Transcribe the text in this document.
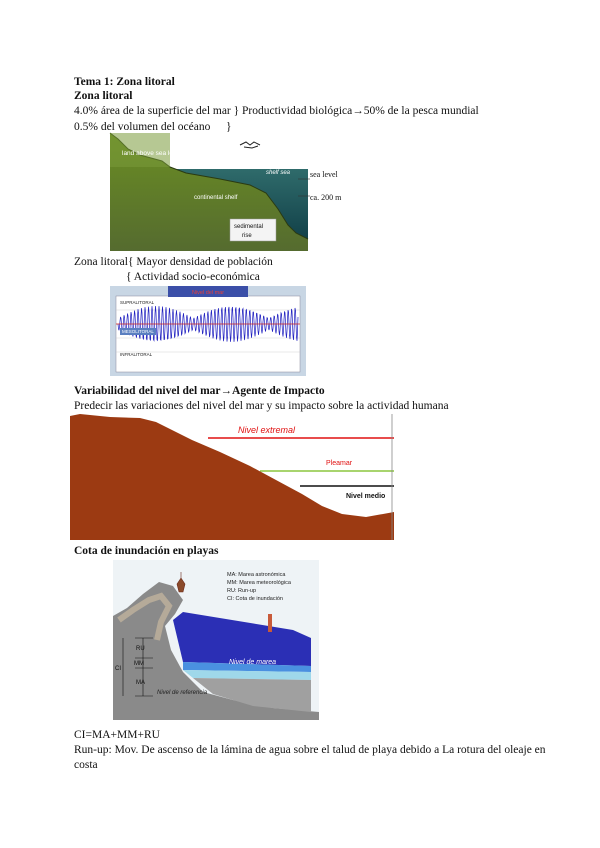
Tema 1: Zona litoral
Zona litoral
4.0% área de la superficie del mar } Productividad biológica→50% de la pesca mundial
0.5% del volumen del océano }
land above sea level
shelf sea
deep
ocean
continental shelf
sedimental
rise
sea level
ca. 200 m
Zona litoral{ Mayor densidad de población
{ Actividad socio-económica
Nivel del mar
SUPRALITORAL
MESOLITORAL
INFRALITORAL
Variabilidad del nivel del mar→Agente de Impacto
Predecir las variaciones del nivel del mar y su impacto sobre la actividad humana
Nivel extremal
Pleamar
Nivel medio
Cota de inundación en playas
MA: Marea astronómica
MM: Marea meteorológica
RU: Run-up
CI: Cota de inundación
Nivel de marea
Nivel de referencia
RU
MM
MA
CI
CI=MA+MM+RU
Run-up: Mov. De ascenso de la lámina de agua sobre el talud de playa debido a La rotura del oleaje en
costa
